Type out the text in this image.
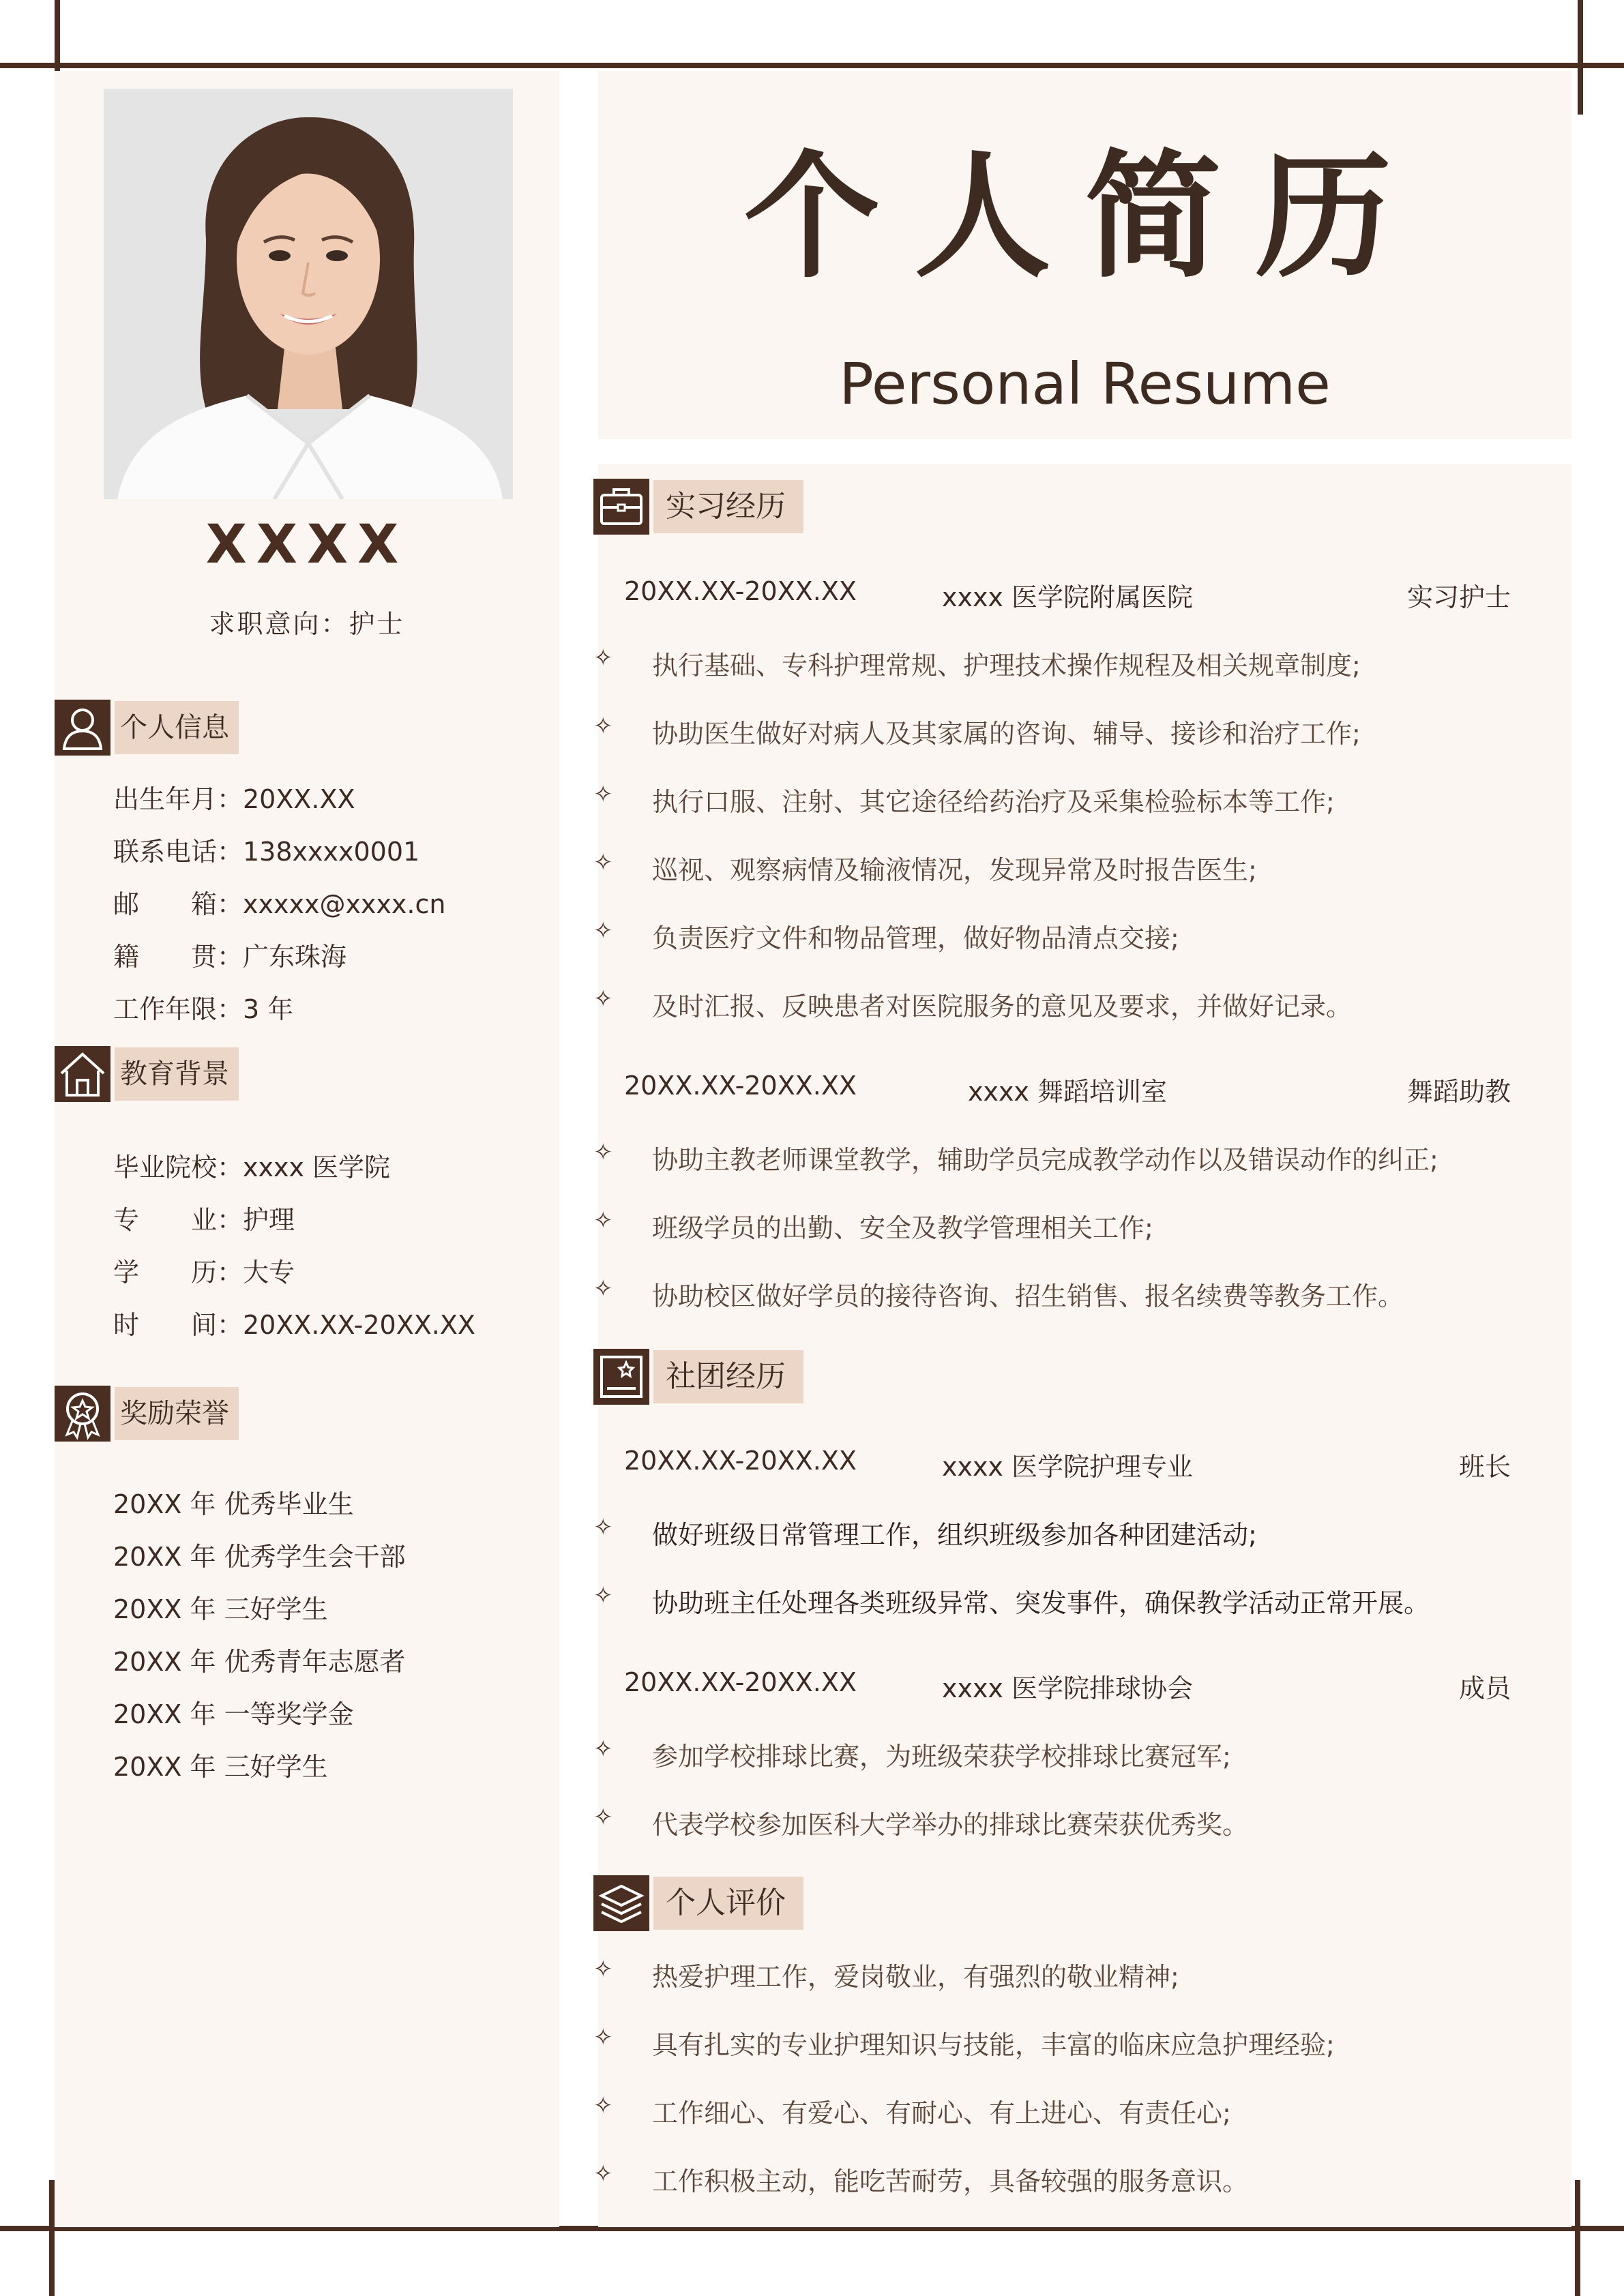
XXXX
求职意向：护士
个人信息
出生年月：20XX.XX
联系电话：138xxxx0001
邮　　箱：xxxxx@xxxx.cn
籍　　贯：广东珠海
工作年限：3 年
教育背景
毕业院校：xxxx 医学院
专　　业：护理
学　　历：大专
时　　间：20XX.XX-20XX.XX
奖励荣誉
20XX 年 优秀毕业生
20XX 年 优秀学生会干部
20XX 年 三好学生
20XX 年 优秀青年志愿者
20XX 年 一等奖学金
20XX 年 三好学生
个人简历
Personal Resume
实习经历
20XX.XX-20XX.XX	xxxx 医学院附属医院	实习护士
✧	执行基础、专科护理常规、护理技术操作规程及相关规章制度;
✧	协助医生做好对病人及其家属的咨询、辅导、接诊和治疗工作;
✧	执行口服、注射、其它途径给药治疗及采集检验标本等工作;
✧	巡视、观察病情及输液情况，发现异常及时报告医生;
✧	负责医疗文件和物品管理，做好物品清点交接;
✧	及时汇报、反映患者对医院服务的意见及要求，并做好记录。
20XX.XX-20XX.XX	xxxx 舞蹈培训室	舞蹈助教
✧	协助主教老师课堂教学，辅助学员完成教学动作以及错误动作的纠正;
✧	班级学员的出勤、安全及教学管理相关工作;
✧	协助校区做好学员的接待咨询、招生销售、报名续费等教务工作。
社团经历
20XX.XX-20XX.XX	xxxx 医学院护理专业	班长
✧	做好班级日常管理工作，组织班级参加各种团建活动;
✧	协助班主任处理各类班级异常、突发事件，确保教学活动正常开展。
20XX.XX-20XX.XX	xxxx 医学院排球协会	成员
✧	参加学校排球比赛，为班级荣获学校排球比赛冠军;
✧	代表学校参加医科大学举办的排球比赛荣获优秀奖。
个人评价
✧	热爱护理工作，爱岗敬业，有强烈的敬业精神;
✧	具有扎实的专业护理知识与技能，丰富的临床应急护理经验;
✧	工作细心、有爱心、有耐心、有上进心、有责任心;
✧	工作积极主动，能吃苦耐劳，具备较强的服务意识。
